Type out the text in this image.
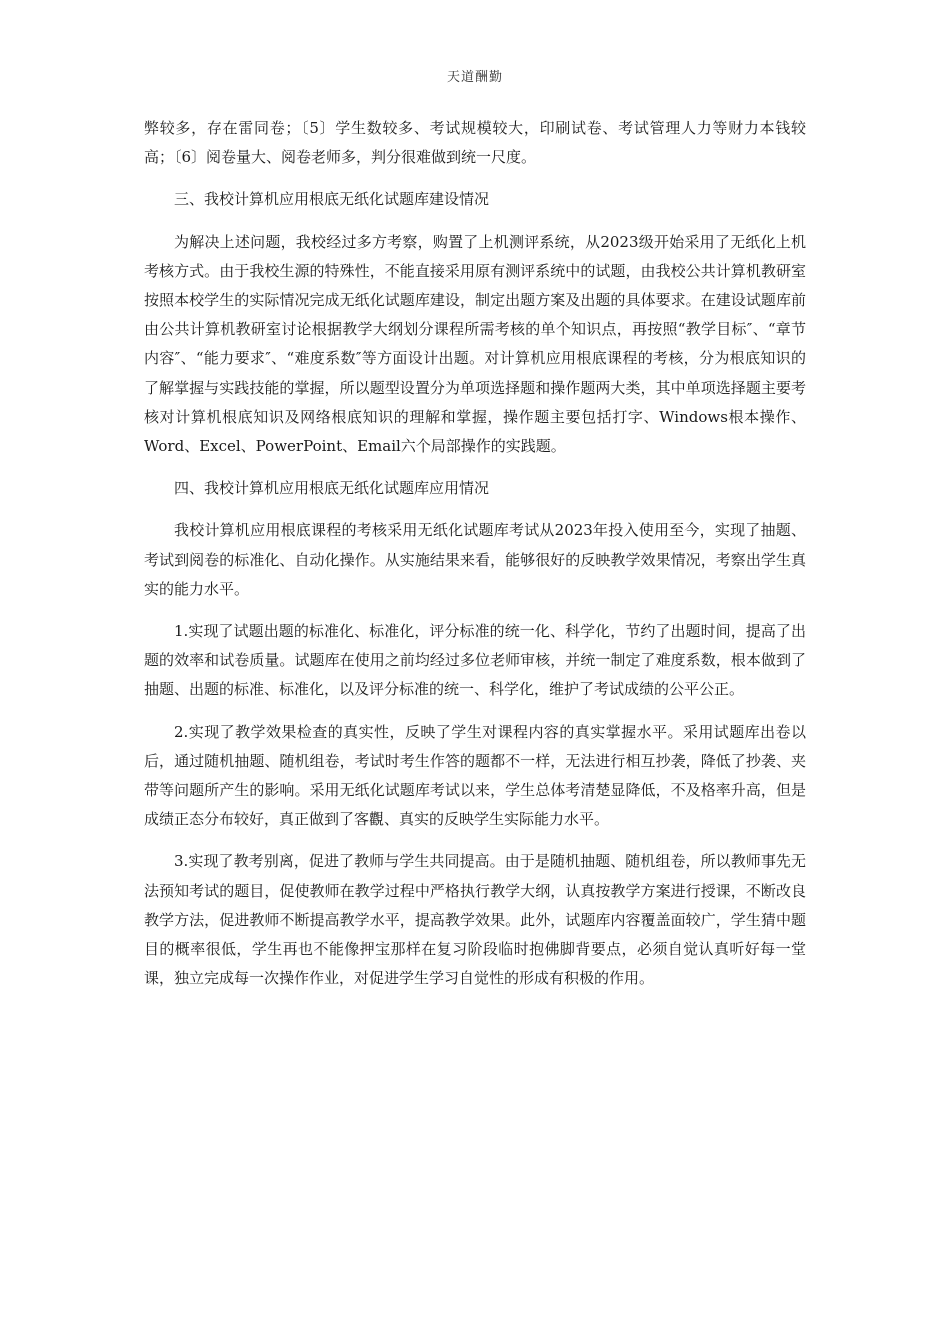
天道酬勤

弊较多，存在雷同卷；〔5〕学生数较多、考试规模较大，印刷试卷、考试管理人力等财力本钱较高；〔6〕阅卷量大、阅卷老师多，判分很难做到统一尺度。

三、我校计算机应用根底无纸化试题库建设情况

为解决上述问题，我校经过多方考察，购置了上机测评系统，从2023级开始采用了无纸化上机考核方式。由于我校生源的特殊性，不能直接采用原有测评系统中的试题，由我校公共计算机教研室按照本校学生的实际情况完成无纸化试题库建设，制定出题方案及出题的具体要求。在建设试题库前由公共计算机教研室讨论根据教学大纲划分课程所需考核的单个知识点，再按照“教学目标″、“章节内容″、“能力要求″、“难度系数″等方面设计出题。对计算机应用根底课程的考核，分为根底知识的了解掌握与实践技能的掌握，所以题型设置分为单项选择题和操作题两大类，其中单项选择题主要考核对计算机根底知识及网络根底知识的理解和掌握，操作题主要包括打字、Windows根本操作、Word、Excel、PowerPoint、Email六个局部操作的实践题。

四、我校计算机应用根底无纸化试题库应用情况

我校计算机应用根底课程的考核采用无纸化试题库考试从2023年投入使用至今，实现了抽题、考试到阅卷的标准化、自动化操作。从实施结果来看，能够很好的反映教学效果情况，考察出学生真实的能力水平。

1.实现了试题出题的标准化、标准化，评分标准的统一化、科学化，节约了出题时间，提高了出题的效率和试卷质量。试题库在使用之前均经过多位老师审核，并统一制定了难度系数，根本做到了抽题、出题的标准、标准化，以及评分标准的统一、科学化，维护了考试成绩的公平公正。

2.实现了教学效果检查的真实性，反映了学生对课程内容的真实掌握水平。采用试题库出卷以后，通过随机抽题、随机组卷，考试时考生作答的题都不一样，无法进行相互抄袭，降低了抄袭、夹带等问题所产生的影响。采用无纸化试题库考试以来，学生总体考清楚显降低，不及格率升高，但是成绩正态分布较好，真正做到了客觀、真实的反映学生实际能力水平。

3.实现了教考别离，促进了教师与学生共同提高。由于是随机抽题、随机组卷，所以教师事先无法预知考试的题目，促使教师在教学过程中严格执行教学大纲，认真按教学方案进行授课，不断改良教学方法，促进教师不断提高教学水平，提高教学效果。此外，试题库内容覆盖面较广，学生猜中题目的概率很低，学生再也不能像押宝那样在复习阶段临时抱佛脚背要点，必须自觉认真听好每一堂课，独立完成每一次操作作业，对促进学生学习自觉性的形成有积极的作用。
